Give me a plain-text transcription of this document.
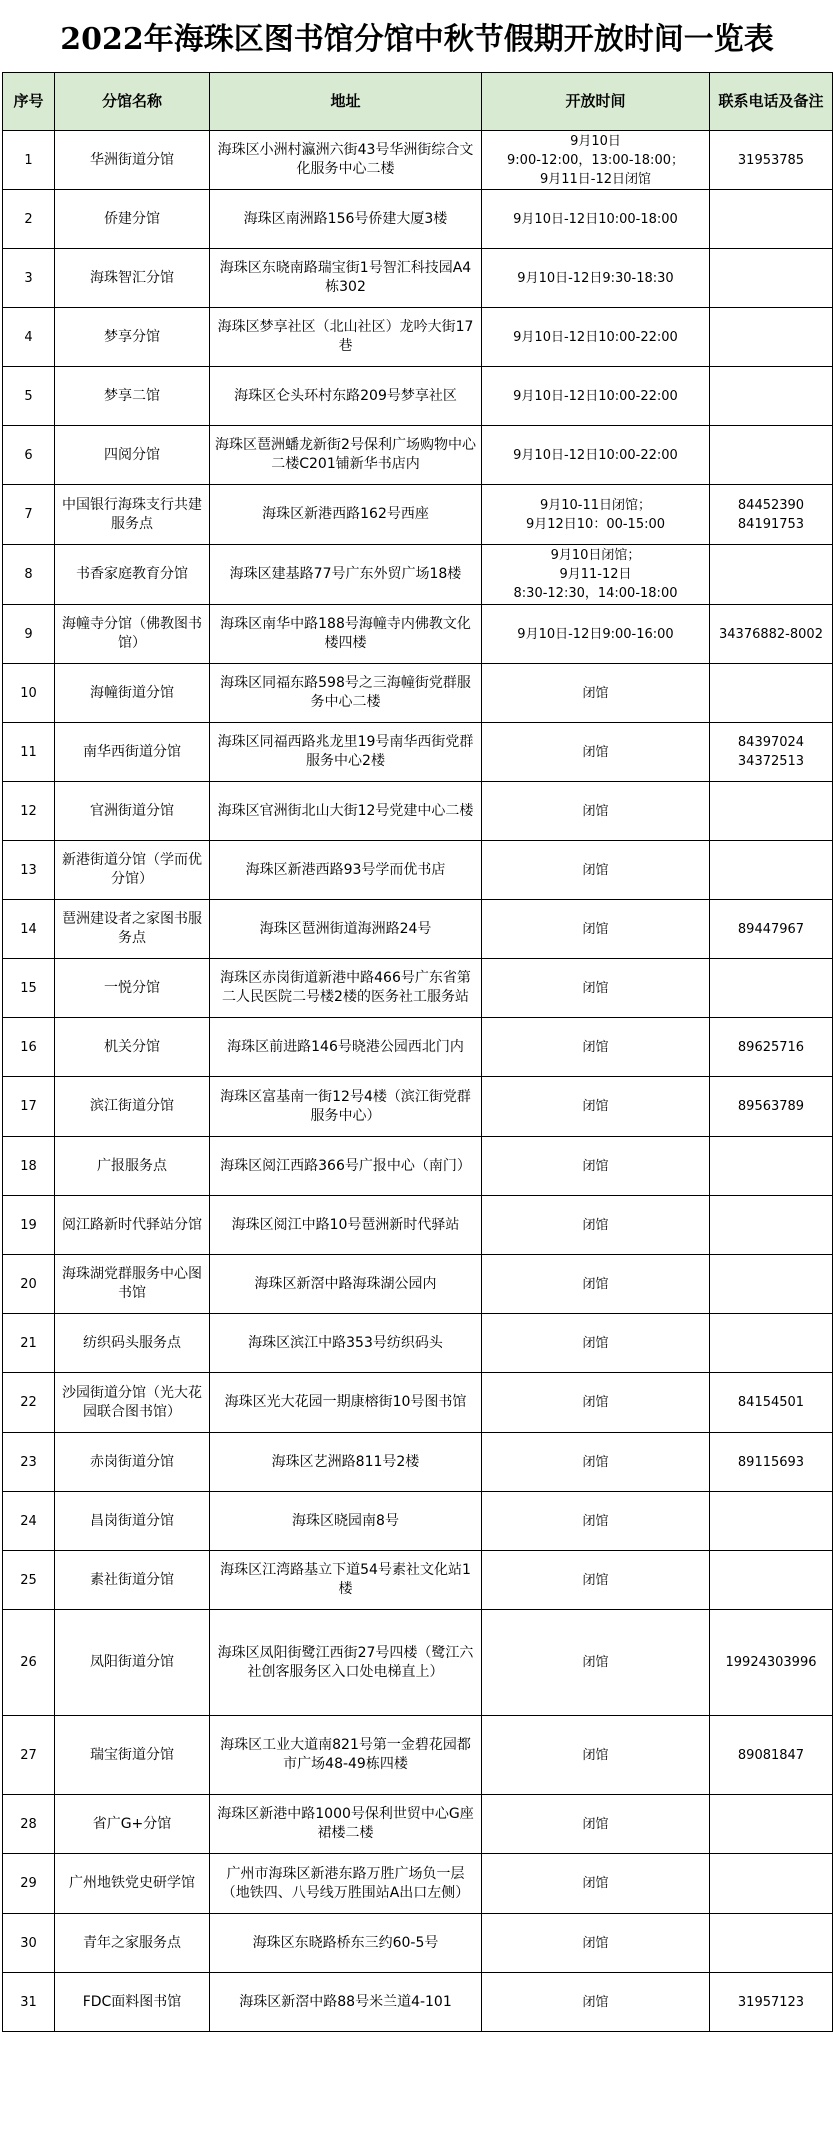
2022年海珠区图书馆分馆中秋节假期开放时间一览表
序号	分馆名称	地址	开放时间	联系电话及备注
1	华洲街道分馆	海珠区小洲村瀛洲六街43号华洲街综合文化服务中心二楼	9月10日
9:00-12:00，13:00-18:00；
9月11日-12日闭馆	31953785
2	侨建分馆	海珠区南洲路156号侨建大厦3楼	9月10日-12日10:00-18:00	
3	海珠智汇分馆	海珠区东晓南路瑞宝街1号智汇科技园A4栋302	9月10日-12日9:30-18:30	
4	梦享分馆	海珠区梦享社区（北山社区）龙吟大街17巷	9月10日-12日10:00-22:00	
5	梦享二馆	海珠区仑头环村东路209号梦享社区	9月10日-12日10:00-22:00	
6	四阅分馆	海珠区琶洲蟠龙新街2号保利广场购物中心二楼C201铺新华书店内	9月10日-12日10:00-22:00	
7	中国银行海珠支行共建服务点	海珠区新港西路162号西座	9月10-11日闭馆；
9月12日10：00-15:00	84452390
84191753
8	书香家庭教育分馆	海珠区建基路77号广东外贸广场18楼	9月10日闭馆；
9月11-12日
8:30-12:30，14:00-18:00	
9	海幢寺分馆（佛教图书馆）	海珠区南华中路188号海幢寺内佛教文化楼四楼	9月10日-12日9:00-16:00	34376882-8002
10	海幢街道分馆	海珠区同福东路598号之三海幢街党群服务中心二楼	闭馆	
11	南华西街道分馆	海珠区同福西路兆龙里19号南华西街党群服务中心2楼	闭馆	84397024
34372513
12	官洲街道分馆	海珠区官洲街北山大街12号党建中心二楼	闭馆	
13	新港街道分馆（学而优分馆）	海珠区新港西路93号学而优书店	闭馆	
14	琶洲建设者之家图书服务点	海珠区琶洲街道海洲路24号	闭馆	89447967
15	一悦分馆	海珠区赤岗街道新港中路466号广东省第二人民医院二号楼2楼的医务社工服务站	闭馆	
16	机关分馆	海珠区前进路146号晓港公园西北门内	闭馆	89625716
17	滨江街道分馆	海珠区富基南一街12号4楼（滨江街党群服务中心）	闭馆	89563789
18	广报服务点	海珠区阅江西路366号广报中心（南门）	闭馆	
19	阅江路新时代驿站分馆	海珠区阅江中路10号琶洲新时代驿站	闭馆	
20	海珠湖党群服务中心图书馆	海珠区新滘中路海珠湖公园内	闭馆	
21	纺织码头服务点	海珠区滨江中路353号纺织码头	闭馆	
22	沙园街道分馆（光大花园联合图书馆）	海珠区光大花园一期康榕街10号图书馆	闭馆	84154501
23	赤岗街道分馆	海珠区艺洲路811号2楼	闭馆	89115693
24	昌岗街道分馆	海珠区晓园南8号	闭馆	
25	素社街道分馆	海珠区江湾路基立下道54号素社文化站1楼	闭馆	
26	凤阳街道分馆	海珠区凤阳街鹭江西街27号四楼（鹭江六社创客服务区入口处电梯直上）	闭馆	19924303996
27	瑞宝街道分馆	海珠区工业大道南821号第一金碧花园都市广场48-49栋四楼	闭馆	89081847
28	省广G+分馆	海珠区新港中路1000号保利世贸中心G座裙楼二楼	闭馆	
29	广州地铁党史研学馆	广州市海珠区新港东路万胜广场负一层（地铁四、八号线万胜围站A出口左侧）	闭馆	
30	青年之家服务点	海珠区东晓路桥东三约60-5号	闭馆	
31	FDC面料图书馆	海珠区新滘中路88号米兰道4-101	闭馆	31957123
